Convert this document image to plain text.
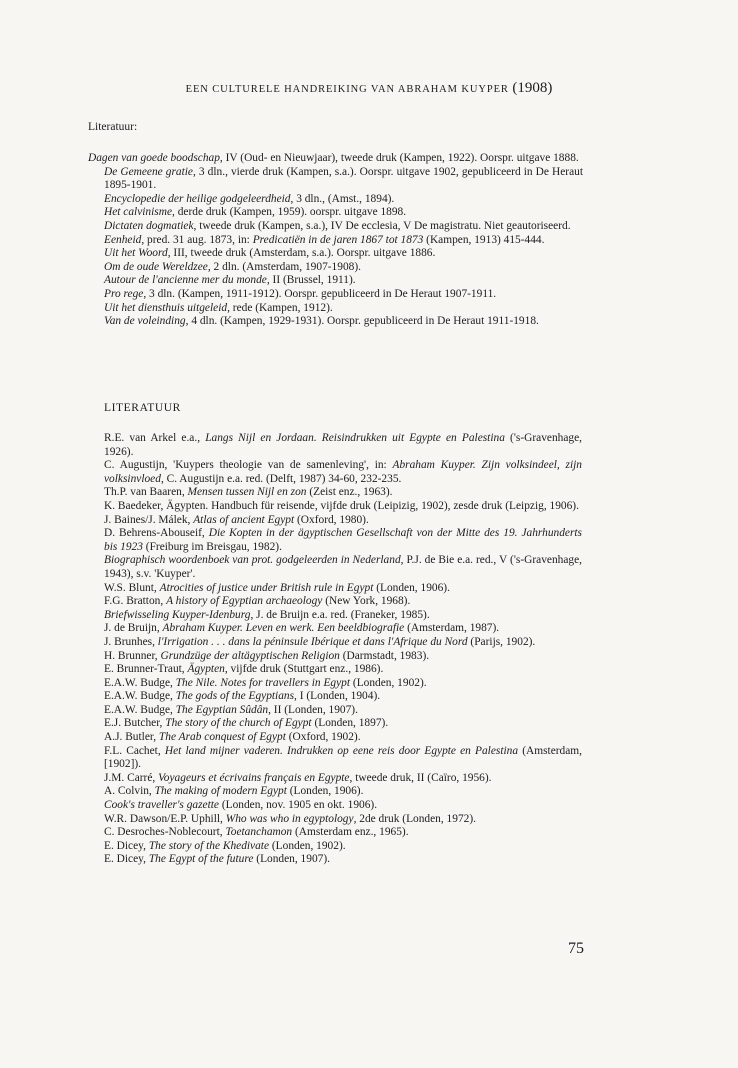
EEN CULTURELE HANDREIKING VAN ABRAHAM KUYPER (1908)
Literatuur:
Dagen van goede boodschap, IV (Oud- en Nieuwjaar), tweede druk (Kampen, 1922). Oorspr. uitgave 1888.
De Gemeene gratie, 3 dln., vierde druk (Kampen, s.a.). Oorspr. uitgave 1902, gepubliceerd in De Heraut 1895-1901.
Encyclopedie der heilige godgeleerdheid, 3 dln., (Amst., 1894).
Het calvinisme, derde druk (Kampen, 1959). oorspr. uitgave 1898.
Dictaten dogmatiek, tweede druk (Kampen, s.a.), IV De ecclesia, V De magistratu. Niet geautoriseerd.
Eenheid, pred. 31 aug. 1873, in: Predicatiën in de jaren 1867 tot 1873 (Kampen, 1913) 415-444.
Uit het Woord, III, tweede druk (Amsterdam, s.a.). Oorspr. uitgave 1886.
Om de oude Wereldzee, 2 dln. (Amsterdam, 1907-1908).
Autour de l'ancienne mer du monde, II (Brussel, 1911).
Pro rege, 3 dln. (Kampen, 1911-1912). Oorspr. gepubliceerd in De Heraut 1907-1911.
Uit het diensthuis uitgeleid, rede (Kampen, 1912).
Van de voleinding, 4 dln. (Kampen, 1929-1931). Oorspr. gepubliceerd in De Heraut 1911-1918.
LITERATUUR
R.E. van Arkel e.a., Langs Nijl en Jordaan. Reisindrukken uit Egypte en Palestina ('s-Gravenhage, 1926).
C. Augustijn, 'Kuypers theologie van de samenleving', in: Abraham Kuyper. Zijn volksindeel, zijn volksinvloed, C. Augustijn e.a. red. (Delft, 1987) 34-60, 232-235.
Th.P. van Baaren, Mensen tussen Nijl en zon (Zeist enz., 1963).
K. Baedeker, Ägypten. Handbuch für reisende, vijfde druk (Leipizig, 1902), zesde druk (Leipzig, 1906).
J. Baines/J. Málek, Atlas of ancient Egypt (Oxford, 1980).
D. Behrens-Abouseif, Die Kopten in der ägyptischen Gesellschaft von der Mitte des 19. Jahrhunderts bis 1923 (Freiburg im Breisgau, 1982).
Biographisch woordenboek van prot. godgeleerden in Nederland, P.J. de Bie e.a. red., V ('s-Gravenhage, 1943), s.v. 'Kuyper'.
W.S. Blunt, Atrocities of justice under British rule in Egypt (Londen, 1906).
F.G. Bratton, A history of Egyptian archaeology (New York, 1968).
Briefwisseling Kuyper-Idenburg, J. de Bruijn e.a. red. (Franeker, 1985).
J. de Bruijn, Abraham Kuyper. Leven en werk. Een beeldbiografie (Amsterdam, 1987).
J. Brunhes, l'Irrigation . . . dans la péninsule Ibérique et dans l'Afrique du Nord (Parijs, 1902).
H. Brunner, Grundzüge der altägyptischen Religion (Darmstadt, 1983).
E. Brunner-Traut, Ägypten, vijfde druk (Stuttgart enz., 1986).
E.A.W. Budge, The Nile. Notes for travellers in Egypt (Londen, 1902).
E.A.W. Budge, The gods of the Egyptians, I (Londen, 1904).
E.A.W. Budge, The Egyptian Sûdân, II (Londen, 1907).
E.J. Butcher, The story of the church of Egypt (Londen, 1897).
A.J. Butler, The Arab conquest of Egypt (Oxford, 1902).
F.L. Cachet, Het land mijner vaderen. Indrukken op eene reis door Egypte en Palestina (Amsterdam, [1902]).
J.M. Carré, Voyageurs et écrivains français en Egypte, tweede druk, II (Caïro, 1956).
A. Colvin, The making of modern Egypt (Londen, 1906).
Cook's traveller's gazette (Londen, nov. 1905 en okt. 1906).
W.R. Dawson/E.P. Uphill, Who was who in egyptology, 2de druk (Londen, 1972).
C. Desroches-Noblecourt, Toetanchamon (Amsterdam enz., 1965).
E. Dicey, The story of the Khedivate (Londen, 1902).
E. Dicey, The Egypt of the future (Londen, 1907).
75
